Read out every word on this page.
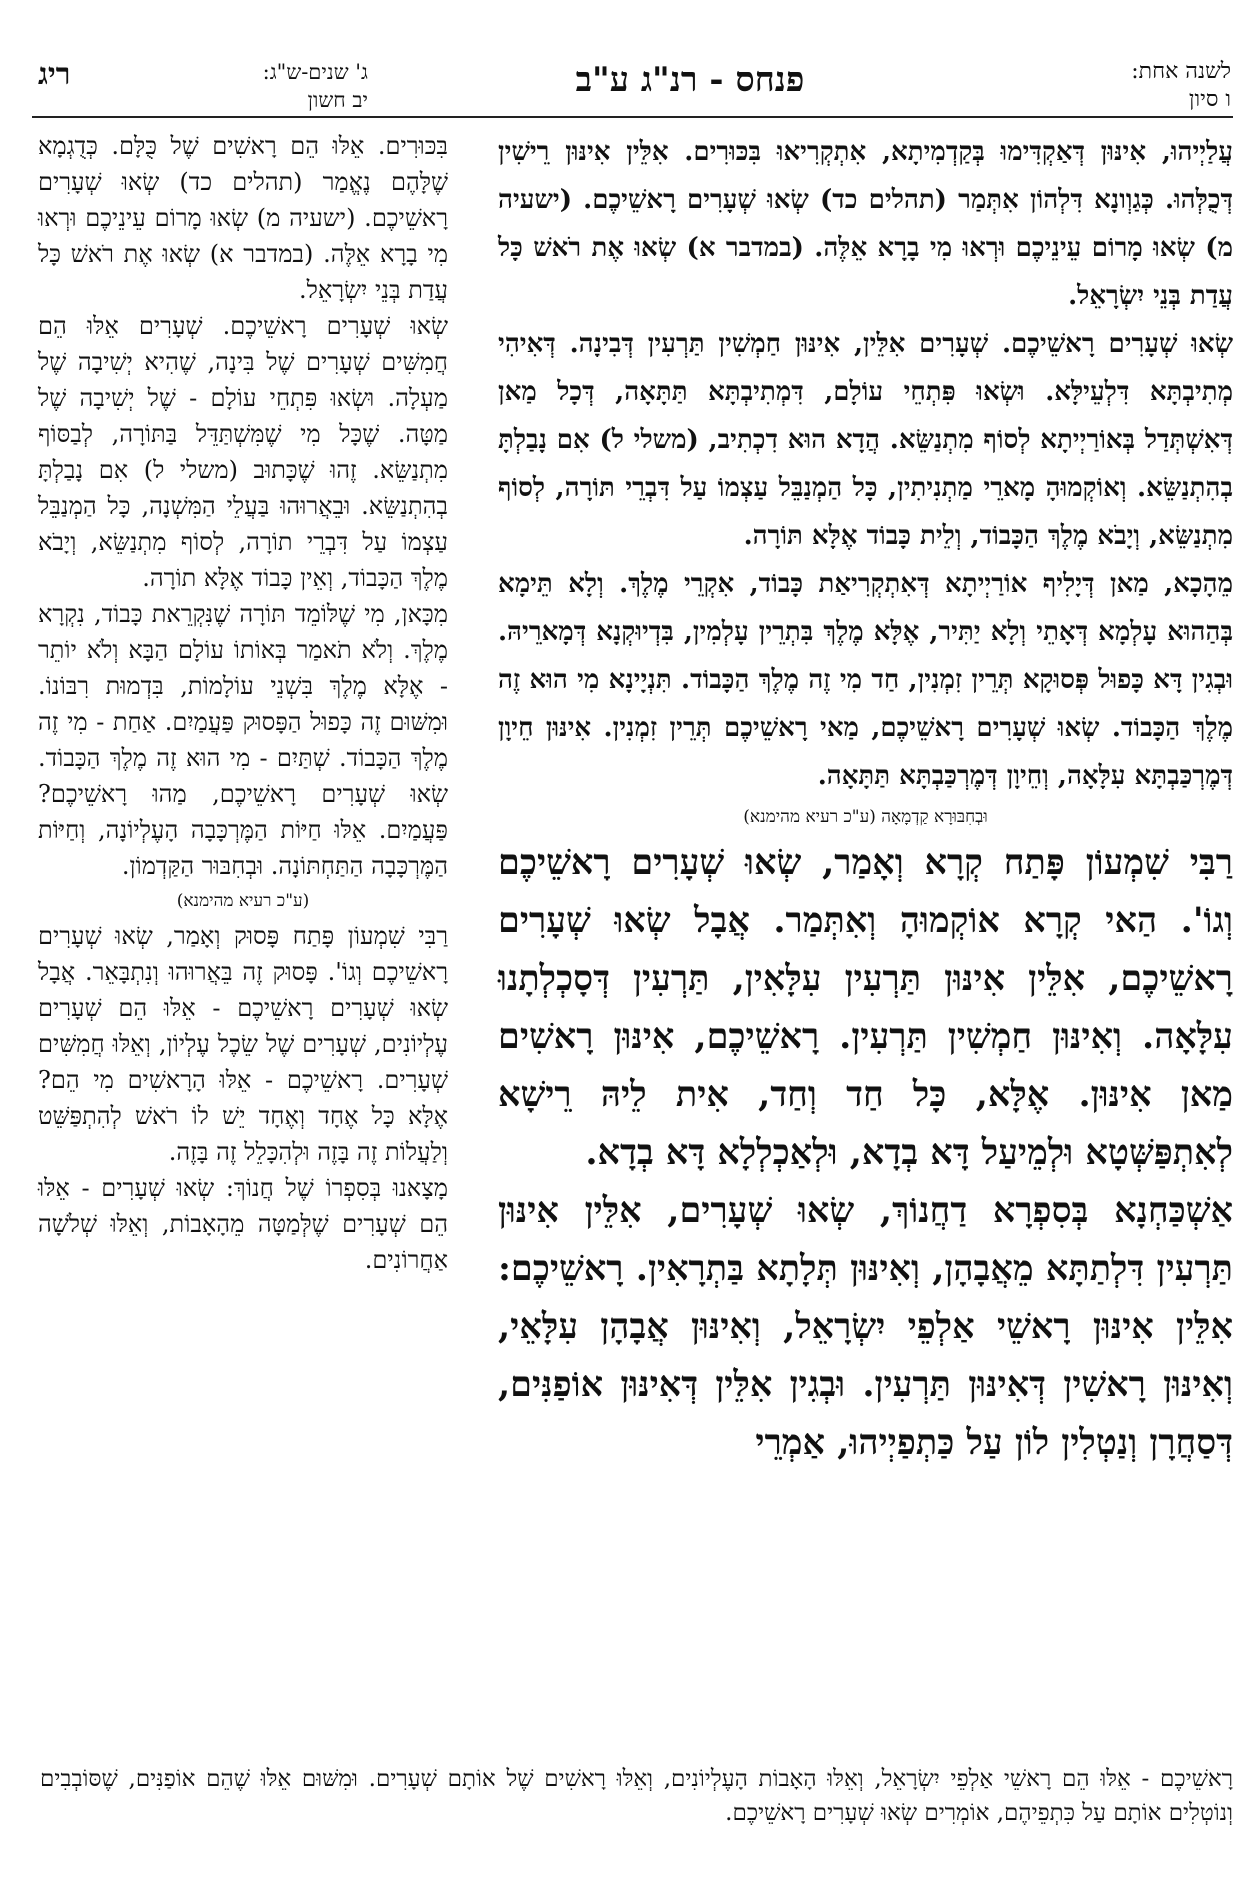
לשנה אחת:
ו סיון
פנחס - רנ"ג ע"ב
ג' שנים-ש"ג:
יב חשון
ריג

עֲלַיְיהוּ, אִינּוּן דְּאַקְדִּימוּ בְּקַדְמִיתָא, אִתְקְרִיאוּ בִּכּוּרִים. אִלֵּין אִינּוּן רֵישִׁין דְּכֻלְּהוּ. כְּגַוְונָא דִּלְהוֹן אִתְּמַר (תהלים כד) שְׂאוּ שְׁעָרִים רָאשֵׁיכֶם. (ישעיה מ) שְׂאוּ מָרוֹם עֵינֵיכֶם וּרְאוּ מִי בָרָא אֵלֶּה. (במדבר א) שְׂאוּ אֶת רֹאשׁ כָּל עֲדַת בְּנֵי יִשְׂרָאֵל.

שְׂאוּ שְׁעָרִים רָאשֵׁיכֶם. שְׁעָרִים אִלֵּין, אִינּוּן חַמְשִׁין תַּרְעִין דְּבִינָה. דְּאִיהִי מְתִיבְתָּא דִּלְעֵילָּא. וּשְׂאוּ פִּתְחֵי עוֹלָם, דִּמְתִיבְתָּא תַּתָּאָה, דְּכָל מַאן דְּאִשְׁתְּדַל בְּאוֹרַיְיתָא לְסוֹף מִתְנַשֵּׂא. הֲדָא הוּא דִכְתִיב, (משלי ל) אִם נָבַלְתָּ בְהִתְנַשֵּׂא. וְאוֹקְמוּהָ מָארֵי מַתְנִיתִין, כָּל הַמְנַבֵּל עַצְמוֹ עַל דִּבְרֵי תּוֹרָה, לְסוֹף מִתְנַשֵּׂא, וְיָבֹא מֶלֶךְ הַכָּבוֹד, וְלֵית כָּבוֹד אֶלָּא תּוֹרָה.

מֵהָכָא, מַאן דְּיָלִיף אוֹרַיְיתָא דְּאִתְקְרִיאַת כָּבוֹד, אִקְרֵי מֶלֶךְ. וְלָא תֵּימָא בְּהַהוּא עָלְמָא דְּאָתֵי וְלָא יַתִּיר, אֶלָּא מֶלֶךְ בִּתְרֵין עָלְמִין, בִּדְיוּקְנָא דְּמָארֵיהּ. וּבְגִין דָּא כָּפוּל פְּסוּקָא תְּרֵין זִמְנִין, חַד מִי זֶה מֶלֶךְ הַכָּבוֹד. תִּנְיָינָא מִי הוּא זֶה מֶלֶךְ הַכָּבוֹד. שְׂאוּ שְׁעָרִים רָאשֵׁיכֶם, מַאי רָאשֵׁיכֶם תְּרֵין זִמְנִין. אִינּוּן חֵיוָן דְּמֶרְכַּבְתָּא עִלָּאָה, וְחֵיוָן דְּמֶרְכַּבְתָּא תַּתָּאָה.

וּבְחִבּוּרָא קַדְמָאָה (ע"כ רעיא מהימנא)

רַבִּי שִׁמְעוֹן פָּתַח קְרָא וְאָמַר, שְׂאוּ שְׁעָרִים רָאשֵׁיכֶם וְגוֹ'. הַאי קְרָא אוֹקְמוּהָ וְאִתְּמַר. אֲבָל שְׂאוּ שְׁעָרִים רָאשֵׁיכֶם, אִלֵּין אִינּוּן תַּרְעִין עִלָּאִין, תַּרְעִין דְּסָכְלְתָנוּ עִלָּאָה. וְאִינּוּן חַמְשִׁין תַּרְעִין. רָאשֵׁיכֶם, אִינּוּן רָאשִׁים מַאן אִינּוּן. אֶלָּא, כָּל חַד וְחַד, אִית לֵיהּ רֵישָׁא לְאִתְפַּשְּׁטָא וּלְמֵיעַל דָּא בְדָא, וּלְאַכְלְלָא דָּא בְדָא.

אַשְׁכַּחְנָא בְּסִפְרָא דַחֲנוֹךְ, שְׂאוּ שְׁעָרִים, אִלֵּין אִינּוּן תַּרְעִין דִּלְתַתָּא מֵאֲבָהָן, וְאִינּוּן תְּלָתָא בַּתְרָאִין. רָאשֵׁיכֶם: אִלֵּין אִינּוּן רָאשֵׁי אַלְפֵי יִשְׂרָאֵל, וְאִינּוּן אֲבָהָן עִלָּאֵי, וְאִינּוּן רָאשִׁין דְּאִינּוּן תַּרְעִין. וּבְגִין אִלֵּין דְּאִינּוּן אוֹפַנִּים, דְּסַחֲרָן וְנַטְלִין לוֹן עַל כַּתְפַיְיהוּ, אַמְרֵי

בִּכּוּרִים. אֵלּוּ הֵם רָאשִׁים שֶׁל כֻּלָּם. כְּדֻגְמָא שֶׁלָּהֶם נֶאֱמַר (תהלים כד) שְׂאוּ שְׁעָרִים רָאשֵׁיכֶם. (ישעיה מ) שְׂאוּ מָרוֹם עֵינֵיכֶם וּרְאוּ מִי בָרָא אֵלֶּה. (במדבר א) שְׂאוּ אֶת רֹאשׁ כָּל עֲדַת בְּנֵי יִשְׂרָאֵל.

שְׂאוּ שְׁעָרִים רָאשֵׁיכֶם. שְׁעָרִים אֵלּוּ הֵם חֲמִשִּׁים שְׁעָרִים שֶׁל בִּינָה, שֶׁהִיא יְשִׁיבָה שֶׁל מַעְלָה. וּשְׂאוּ פִּתְחֵי עוֹלָם - שֶׁל יְשִׁיבָה שֶׁל מַטָּה. שֶׁכָּל מִי שֶׁמִּשְׁתַּדֵּל בַּתּוֹרָה, לְבַסּוֹף מִתְנַשֵּׂא. זֶהוּ שֶׁכָּתוּב (משלי ל) אִם נָבַלְתָּ בְהִתְנַשֵּׂא. וּבֵאֲרוּהוּ בַּעֲלֵי הַמִּשְׁנָה, כָּל הַמְנַבֵּל עַצְמוֹ עַל דִּבְרֵי תוֹרָה, לְסוֹף מִתְנַשֵּׂא, וְיָבֹא מֶלֶךְ הַכָּבוֹד, וְאֵין כָּבוֹד אֶלָּא תוֹרָה.

מִכָּאן, מִי שֶׁלּוֹמֵד תּוֹרָה שֶׁנִּקְרֵאת כָּבוֹד, נִקְרָא מֶלֶךְ. וְלֹא תֹאמַר בְּאוֹתוֹ עוֹלָם הַבָּא וְלֹא יוֹתֵר - אֶלָּא מֶלֶךְ בִּשְׁנֵי עוֹלָמוֹת, בִּדְמוּת רִבּוֹנוֹ. וּמִשּׁוּם זֶה כָּפוּל הַפָּסוּק פַּעֲמַיִם. אַחַת - מִי זֶה מֶלֶךְ הַכָּבוֹד. שְׁתַּיִם - מִי הוּא זֶה מֶלֶךְ הַכָּבוֹד. שְׂאוּ שְׁעָרִים רָאשֵׁיכֶם, מַהוּ רָאשֵׁיכֶם? פַּעֲמַיִם. אֵלּוּ חַיּוֹת הַמֶּרְכָּבָה הָעֶלְיוֹנָה, וְחַיּוֹת הַמֶּרְכָּבָה הַתַּחְתּוֹנָה. וּבְחִבּוּר הַקַּדְמוֹן.

(ע"כ רעיא מהימנא)

רַבִּי שִׁמְעוֹן פָּתַח פָּסוּק וְאָמַר, שְׂאוּ שְׁעָרִים רָאשֵׁיכֶם וְגוֹ'. פָּסוּק זֶה בֵּאֲרוּהוּ וְנִתְבָּאֵר. אֲבָל שְׂאוּ שְׁעָרִים רָאשֵׁיכֶם - אֵלּוּ הֵם שְׁעָרִים עֶלְיוֹנִים, שְׁעָרִים שֶׁל שֵׂכֶל עֶלְיוֹן, וְאֵלּוּ חֲמִשִּׁים שְׁעָרִים. רָאשֵׁיכֶם - אֵלּוּ הָרָאשִׁים מִי הֵם? אֶלָּא כָּל אֶחָד וְאֶחָד יֵשׁ לוֹ רֹאשׁ לְהִתְפַּשֵּׁט וְלַעֲלוֹת זֶה בָּזֶה וּלְהִכָּלֵל זֶה בָּזֶה.

מָצָאנוּ בְּסִפְרוֹ שֶׁל חֲנוֹךְ: שְׂאוּ שְׁעָרִים - אֵלּוּ הֵם שְׁעָרִים שֶׁלְּמַטָּה מֵהָאָבוֹת, וְאֵלּוּ שְׁלֹשָׁה אַחֲרוֹנִים.

רָאשֵׁיכֶם - אֵלּוּ הֵם רָאשֵׁי אַלְפֵי יִשְׂרָאֵל, וְאֵלּוּ הָאָבוֹת הָעֶלְיוֹנִים, וְאֵלּוּ רָאשִׁים שֶׁל אוֹתָם שְׁעָרִים. וּמִשּׁוּם אֵלּוּ שֶׁהֵם אוֹפַנִּים, שֶׁסּוֹבְבִים וְנוֹטְלִים אוֹתָם עַל כִּתְפֵיהֶם, אוֹמְרִים שְׂאוּ שְׁעָרִים רָאשֵׁיכֶם.
